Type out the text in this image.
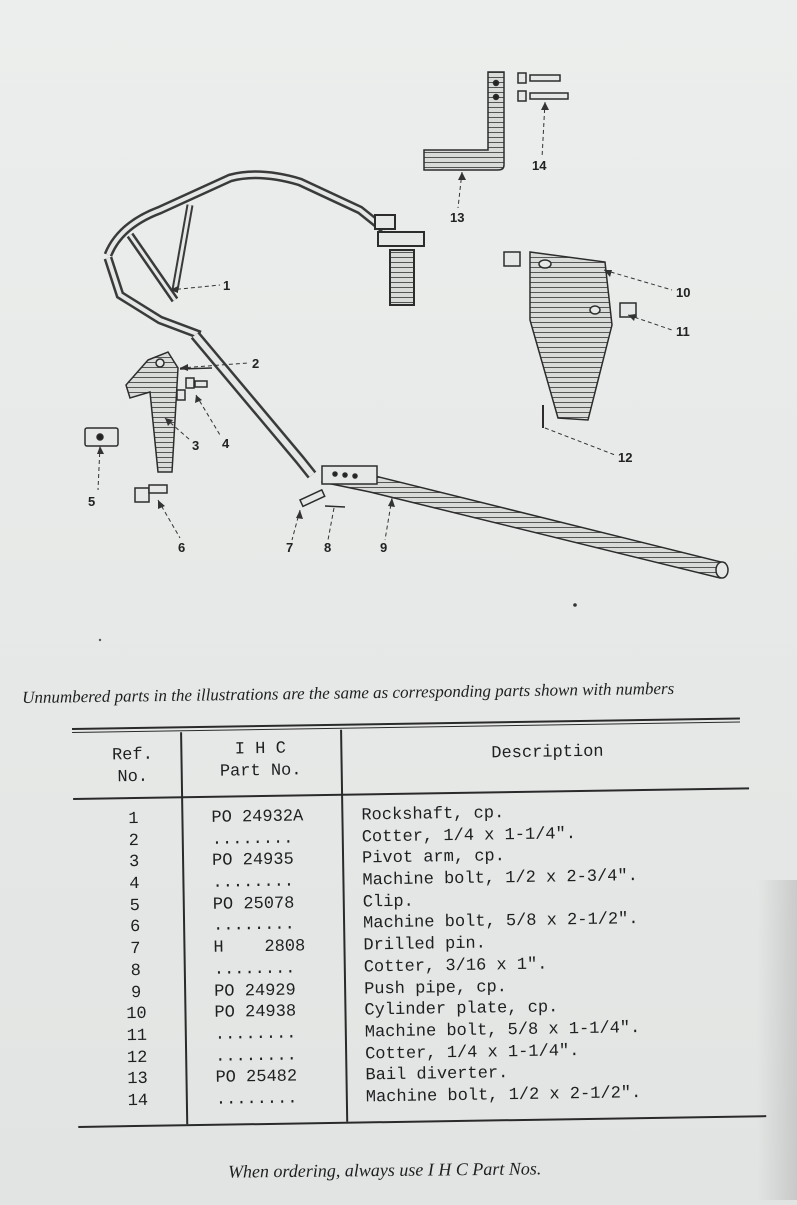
1
2
3 4
5
6	7 8	9
10
11
12
13
14
Unnumbered parts in the illustrations are the same as corresponding parts shown with numbers
Ref.
No.
I H C
Part No.
Description
1	PO 24932A	Rockshaft, cp.
2	........	Cotter, 1/4 x 1-1/4".
3	PO 24935	Pivot arm, cp.
4	........	Machine bolt, 1/2 x 2-3/4".
5	PO 25078	Clip.
6	........	Machine bolt, 5/8 x 2-1/2".
7	H    2808	Drilled pin.
8	........	Cotter, 3/16 x 1".
9	PO 24929	Push pipe, cp.
10	PO 24938	Cylinder plate, cp.
11	........	Machine bolt, 5/8 x 1-1/4".
12	........	Cotter, 1/4 x 1-1/4".
13	PO 25482	Bail diverter.
14	........	Machine bolt, 1/2 x 2-1/2".
When ordering, always use I H C Part Nos.
